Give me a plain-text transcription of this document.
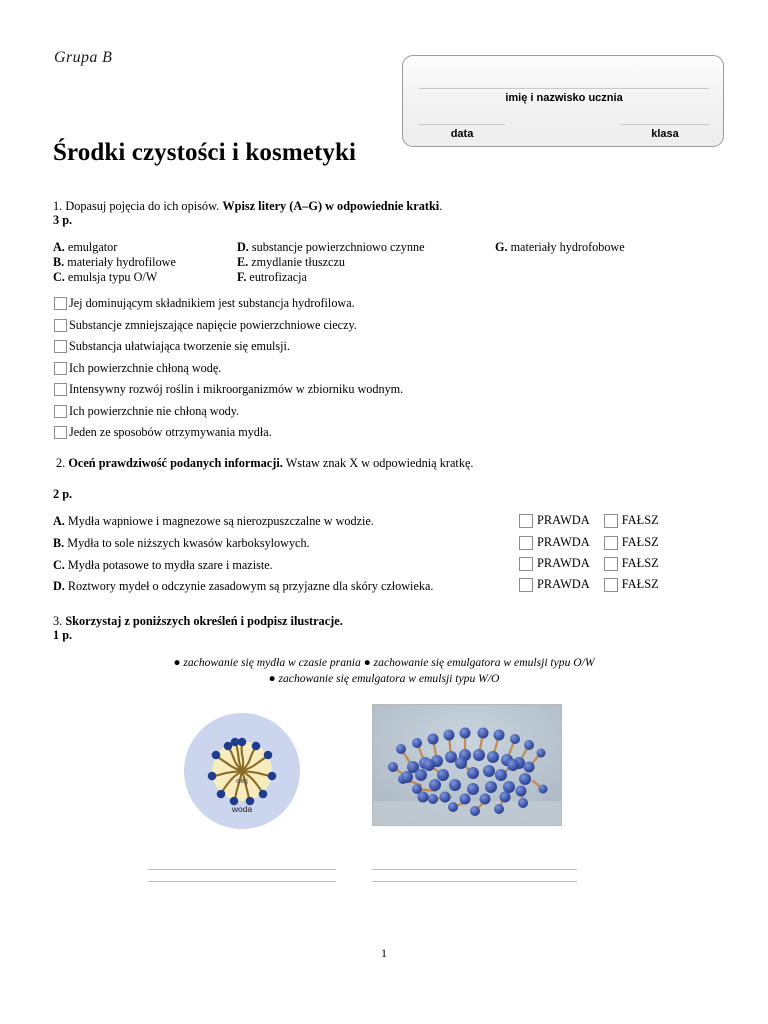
Grupa B
imię i nazwisko ucznia
data	klasa
Środki czystości i kosmetyki
1. Dopasuj pojęcia do ich opisów. Wpisz litery (A–G) w odpowiednie kratki.
3 p.
A. emulgator
B. materiały hydrofilowe
C. emulsja typu O/W
D. substancje powierzchniowo czynne
E. zmydlanie tłuszczu
F. eutrofizacja
G. materiały hydrofobowe
Jej dominującym składnikiem jest substancja hydrofilowa.
Substancje zmniejszające napięcie powierzchniowe cieczy.
Substancja ułatwiająca tworzenie się emulsji.
Ich powierzchnie chłoną wodę.
Intensywny rozwój roślin i mikroorganizmów w zbiorniku wodnym.
Ich powierzchnie nie chłoną wody.
Jeden ze sposobów otrzymywania mydła.
2. Oceń prawdziwość podanych informacji. Wstaw znak X w odpowiednią kratkę.
2 p.
A. Mydła wapniowe i magnezowe są nierozpuszczalne w wodzie.	PRAWDA	FAŁSZ
B. Mydła to sole niższych kwasów karboksylowych.	PRAWDA	FAŁSZ
C. Mydła potasowe to mydła szare i maziste.	PRAWDA	FAŁSZ
D. Roztwory mydeł o odczynie zasadowym są przyjazne dla skóry człowieka.	PRAWDA	FAŁSZ
3. Skorzystaj z poniższych określeń i podpisz ilustracje.
1 p.
● zachowanie się mydła w czasie prania ● zachowanie się emulgatora w emulsji typu O/W
● zachowanie się emulgatora w emulsji typu W/O
olej
woda
1
